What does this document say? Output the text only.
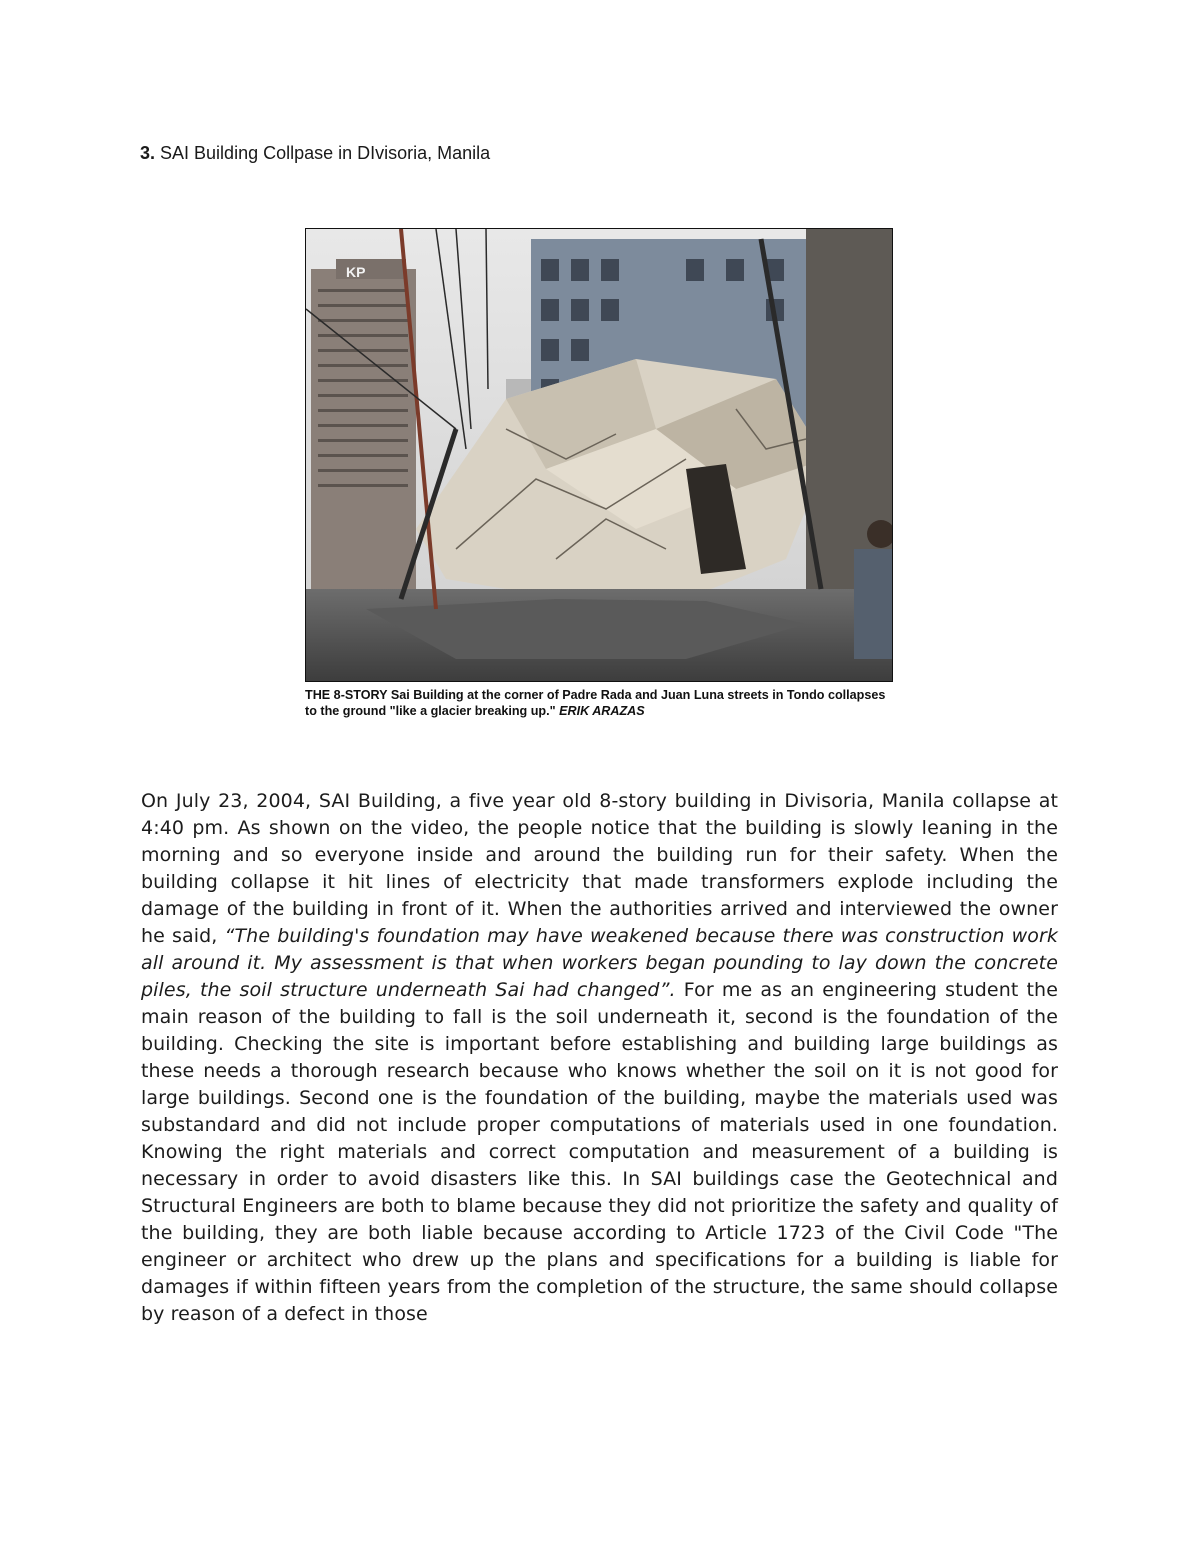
3. SAI Building Collpase in DIvisoria, Manila
KP
THE 8-STORY Sai Building at the corner of Padre Rada and Juan Luna streets in Tondo collapses to the ground "like a glacier breaking up." ERIK ARAZAS
On July 23, 2004, SAI Building, a five year old 8-story building in Divisoria, Manila collapse at 4:40 pm. As shown on the video, the people notice that the building is slowly leaning in the morning and so everyone inside and around the building run for their safety. When the building collapse it hit lines of electricity that made transformers explode including the damage of the building in front of it. When the authorities arrived and interviewed the owner he said, “The building's foundation may have weakened because there was construction work all around it. My assessment is that when workers began pounding to lay down the concrete piles, the soil structure underneath Sai had changed”. For me as an engineering student the main reason of the building to fall is the soil underneath it, second is the foundation of the building. Checking the site is important before establishing and building large buildings as these needs a thorough research because who knows whether the soil on it is not good for large buildings. Second one is the foundation of the building, maybe the materials used was substandard and did not include proper computations of materials used in one foundation. Knowing the right materials and correct computation and measurement of a building is necessary in order to avoid disasters like this. In SAI buildings case the Geotechnical and Structural Engineers are both to blame because they did not prioritize the safety and quality of the building, they are both liable because according to Article 1723 of the Civil Code "The engineer or architect who drew up the plans and specifications for a building is liable for damages if within fifteen years from the completion of the structure, the same should collapse by reason of a defect in those
